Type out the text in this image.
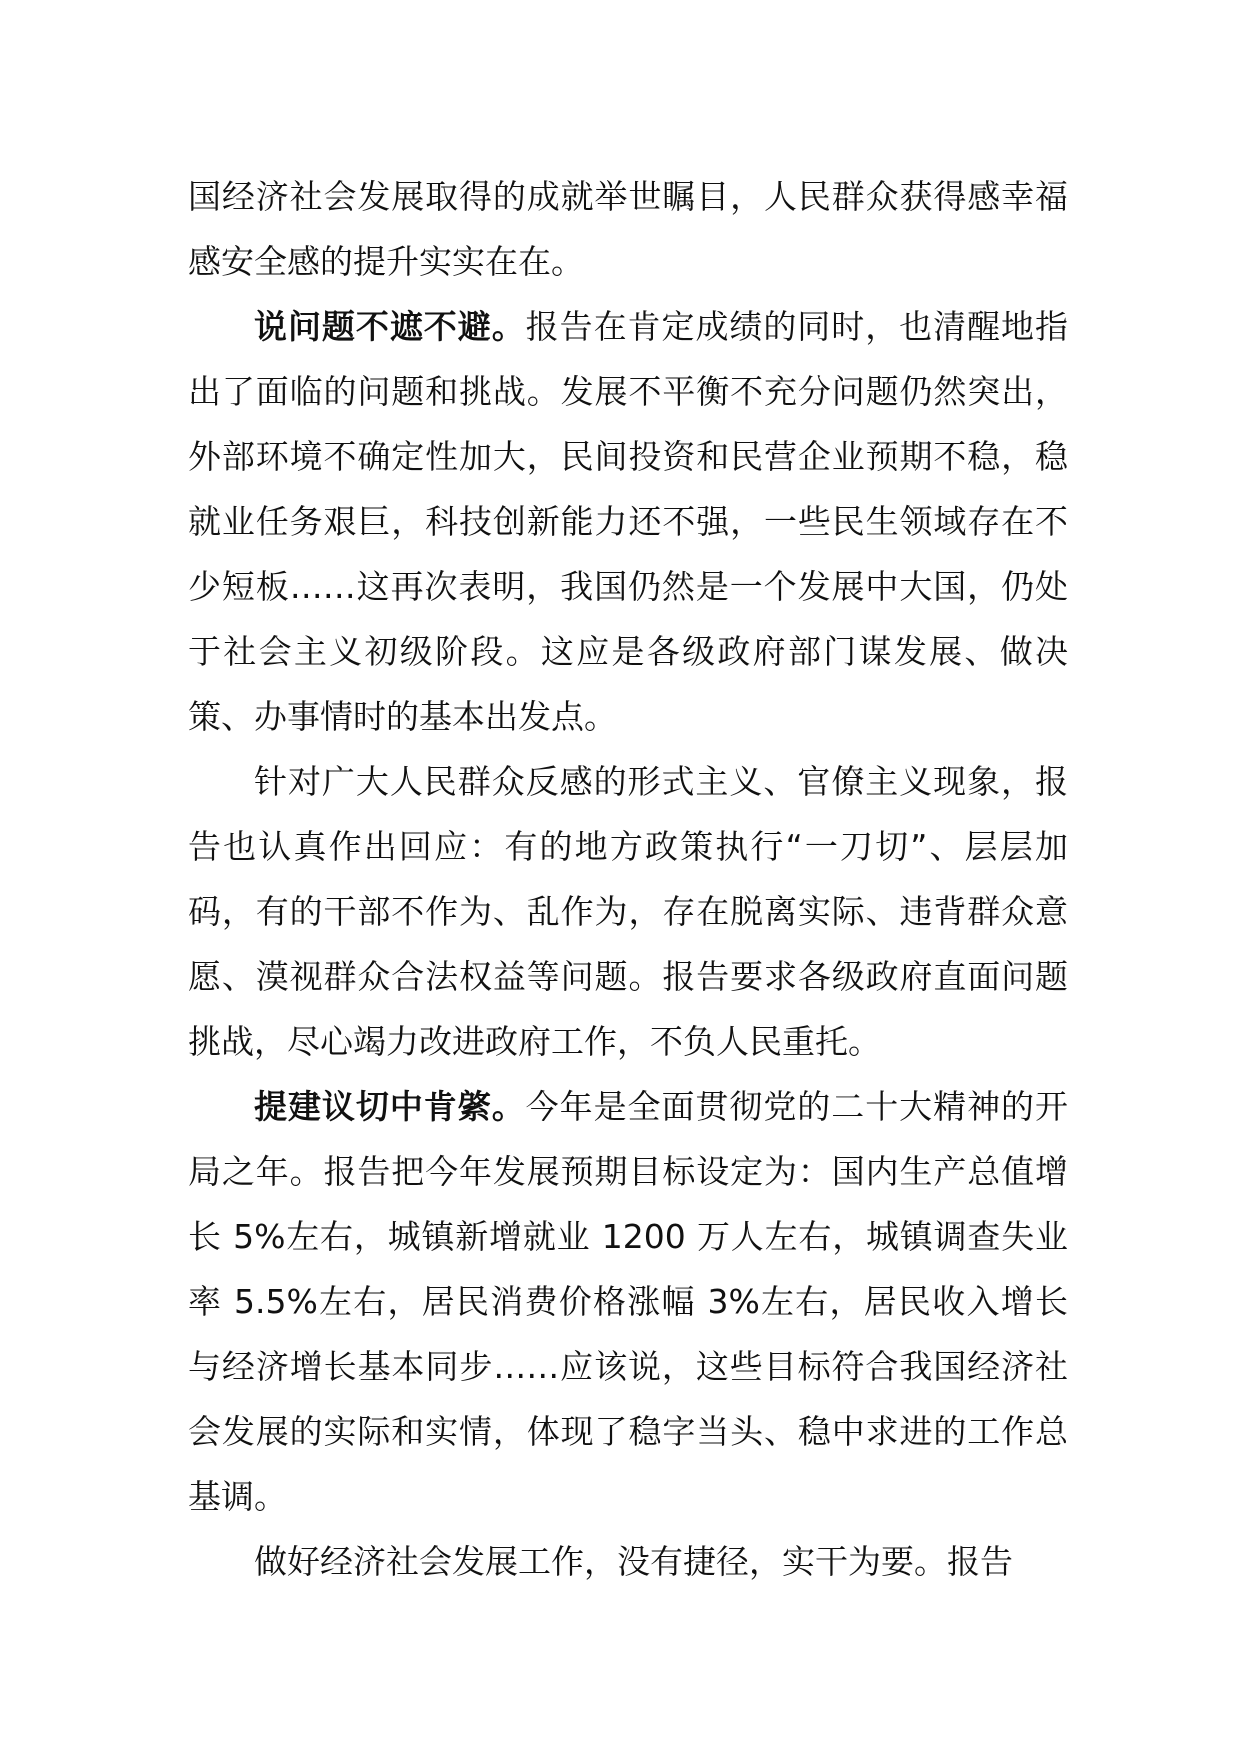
国经济社会发展取得的成就举世瞩目，人民群众获得感幸福感安全感的提升实实在在。

说问题不遮不避。报告在肯定成绩的同时，也清醒地指出了面临的问题和挑战。发展不平衡不充分问题仍然突出，外部环境不确定性加大，民间投资和民营企业预期不稳，稳就业任务艰巨，科技创新能力还不强，一些民生领域存在不少短板……这再次表明，我国仍然是一个发展中大国，仍处于社会主义初级阶段。这应是各级政府部门谋发展、做决策、办事情时的基本出发点。

针对广大人民群众反感的形式主义、官僚主义现象，报告也认真作出回应：有的地方政策执行“一刀切”、层层加码，有的干部不作为、乱作为，存在脱离实际、违背群众意愿、漠视群众合法权益等问题。报告要求各级政府直面问题挑战，尽心竭力改进政府工作，不负人民重托。

提建议切中肯綮。今年是全面贯彻党的二十大精神的开局之年。报告把今年发展预期目标设定为：国内生产总值增长 5%左右，城镇新增就业 1200 万人左右，城镇调查失业率 5.5%左右，居民消费价格涨幅 3%左右，居民收入增长与经济增长基本同步……应该说，这些目标符合我国经济社会发展的实际和实情，体现了稳字当头、稳中求进的工作总基调。

做好经济社会发展工作，没有捷径，实干为要。报告
